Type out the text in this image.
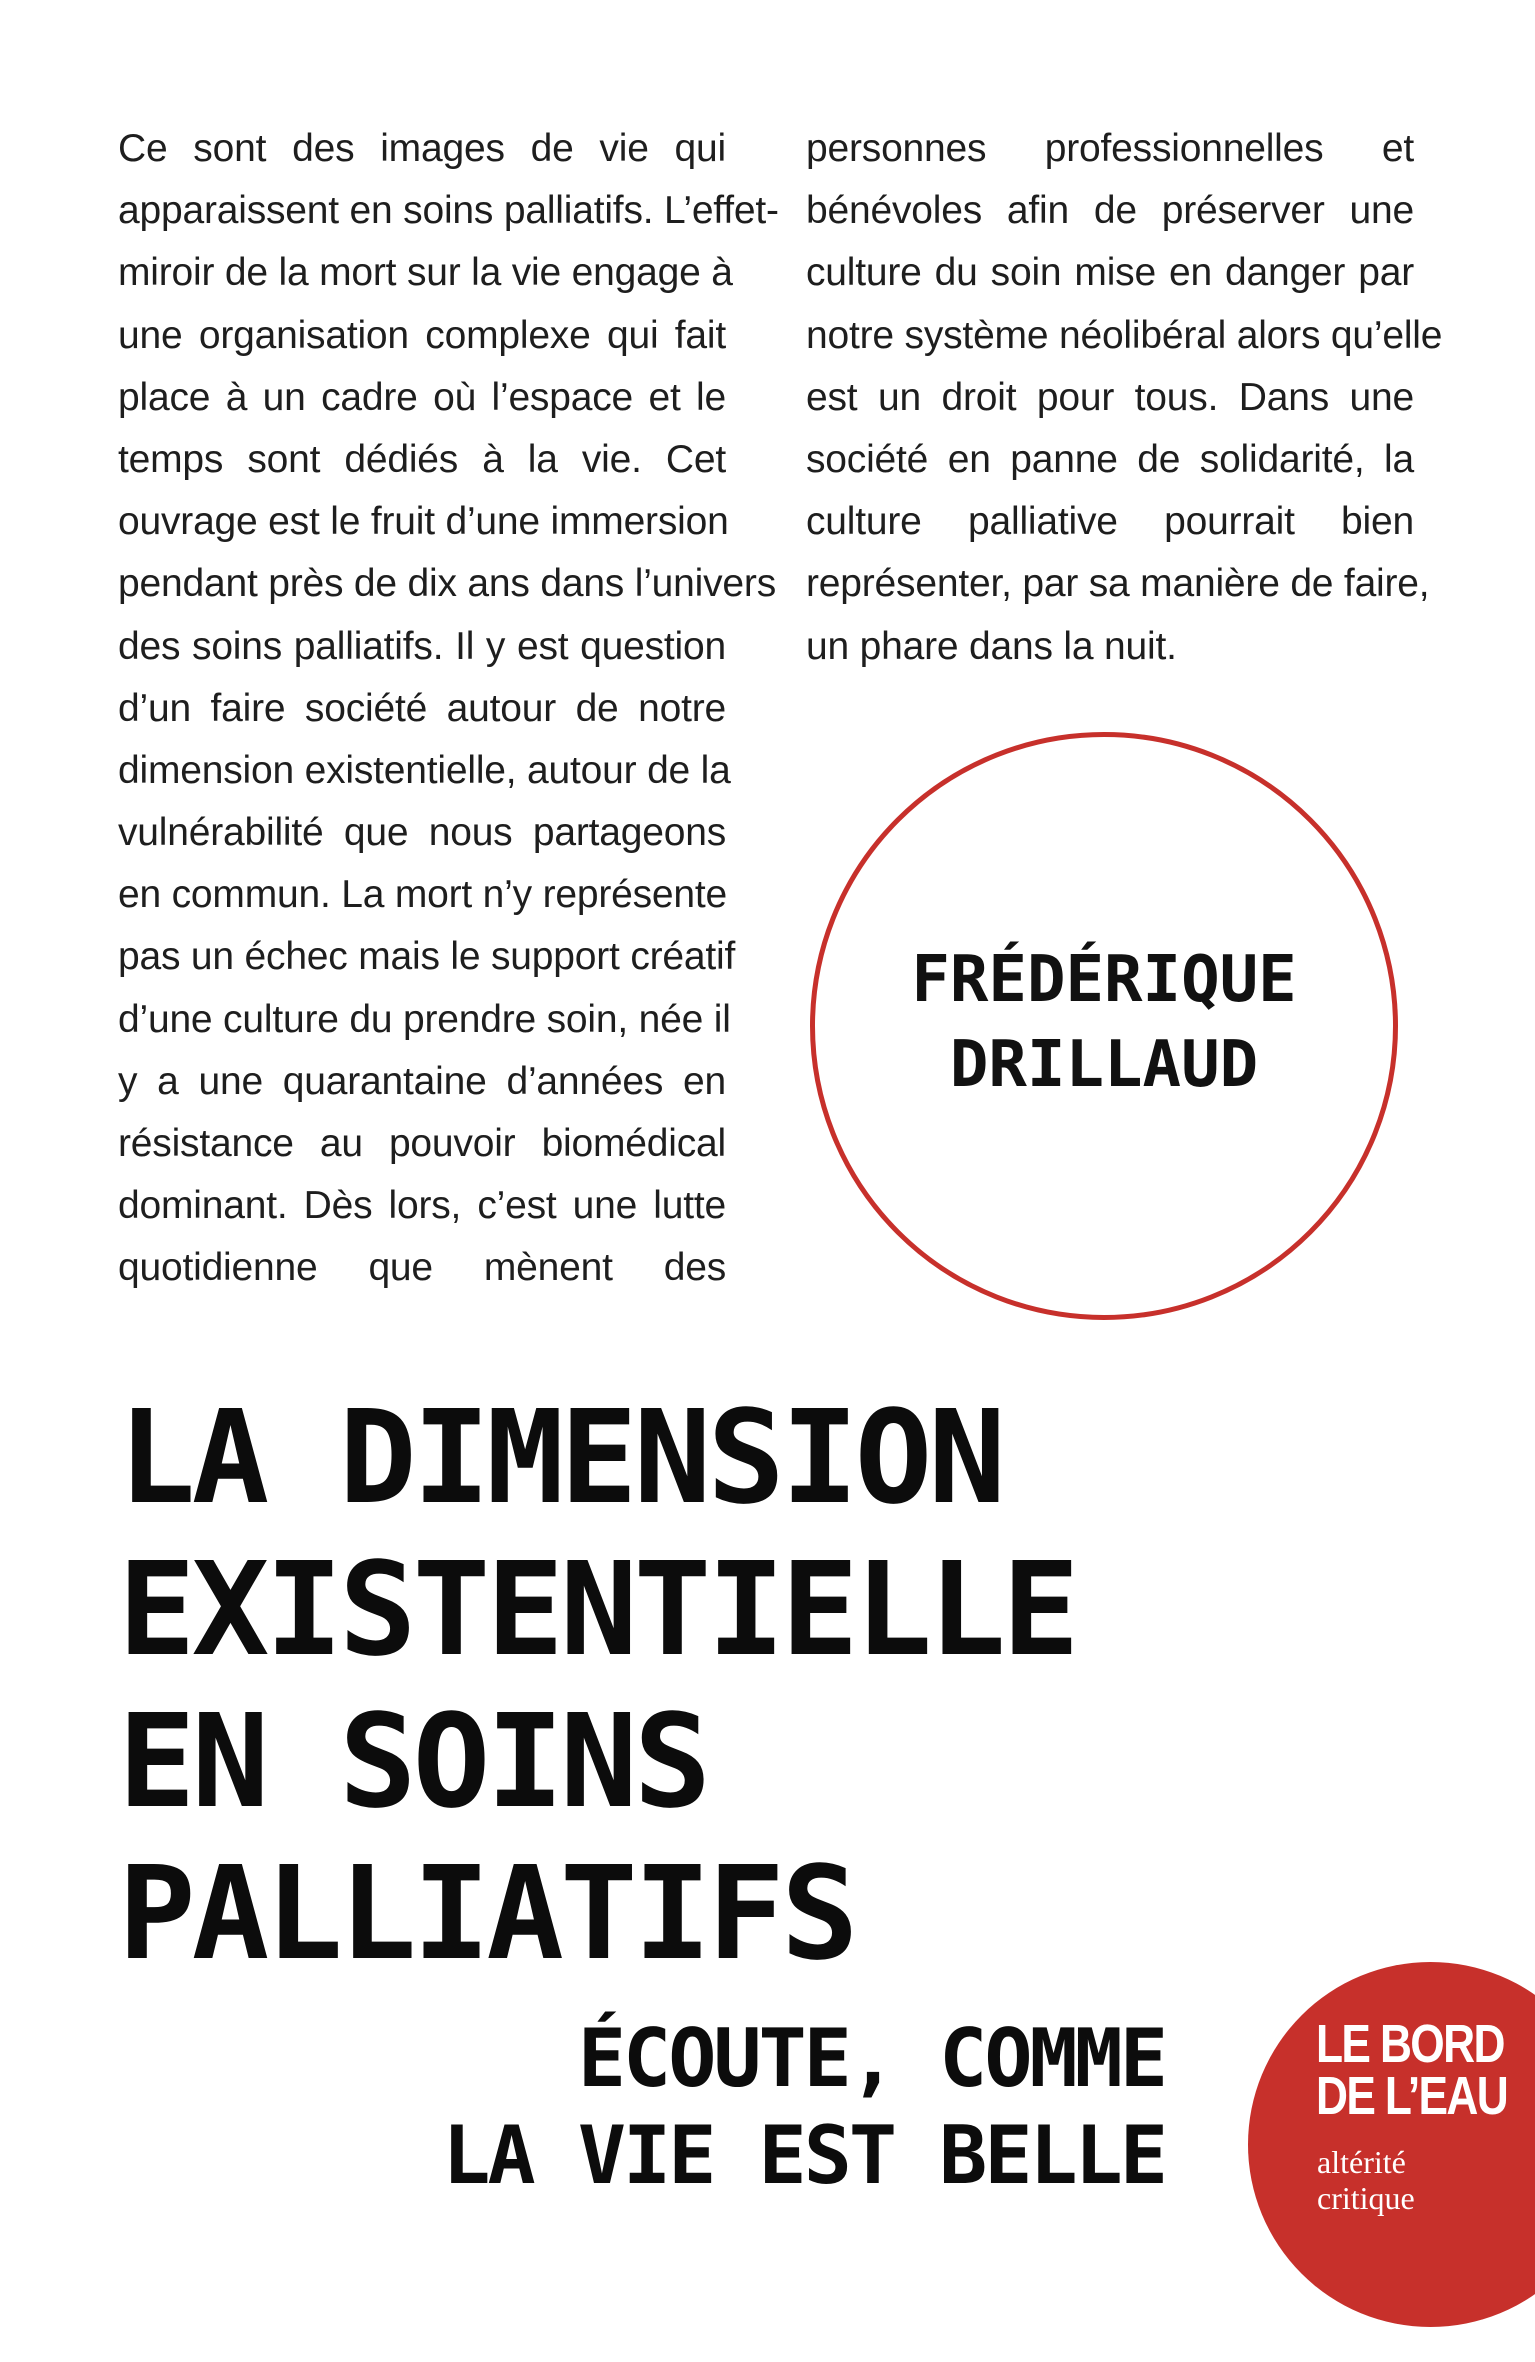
Ce sont des images de vie qui
apparaissent en soins palliatifs. L’effet-
miroir de la mort sur la vie engage à
une organisation complexe qui fait
place à un cadre où l’espace et le
temps sont dédiés à la vie. Cet
ouvrage est le fruit d’une immersion
pendant près de dix ans dans l’univers
des soins palliatifs. Il y est question
d’un faire société autour de notre
dimension existentielle, autour de la
vulnérabilité que nous partageons
en commun. La mort n’y représente
pas un échec mais le support créatif
d’une culture du prendre soin, née il
y a une quarantaine d’années en
résistance au pouvoir biomédical
dominant. Dès lors, c’est une lutte
quotidienne que mènent des
personnes professionnelles et
bénévoles afin de préserver une
culture du soin mise en danger par
notre système néolibéral alors qu’elle
est un droit pour tous. Dans une
société en panne de solidarité, la
culture palliative pourrait bien
représenter, par sa manière de faire,
un phare dans la nuit.
FRÉDÉRIQUE
DRILLAUD
LA DIMENSION
EXISTENTIELLE
EN SOINS
PALLIATIFS
ÉCOUTE, COMME
LA VIE EST BELLE
LE BORD
DE L’EAU
altérité
critique
